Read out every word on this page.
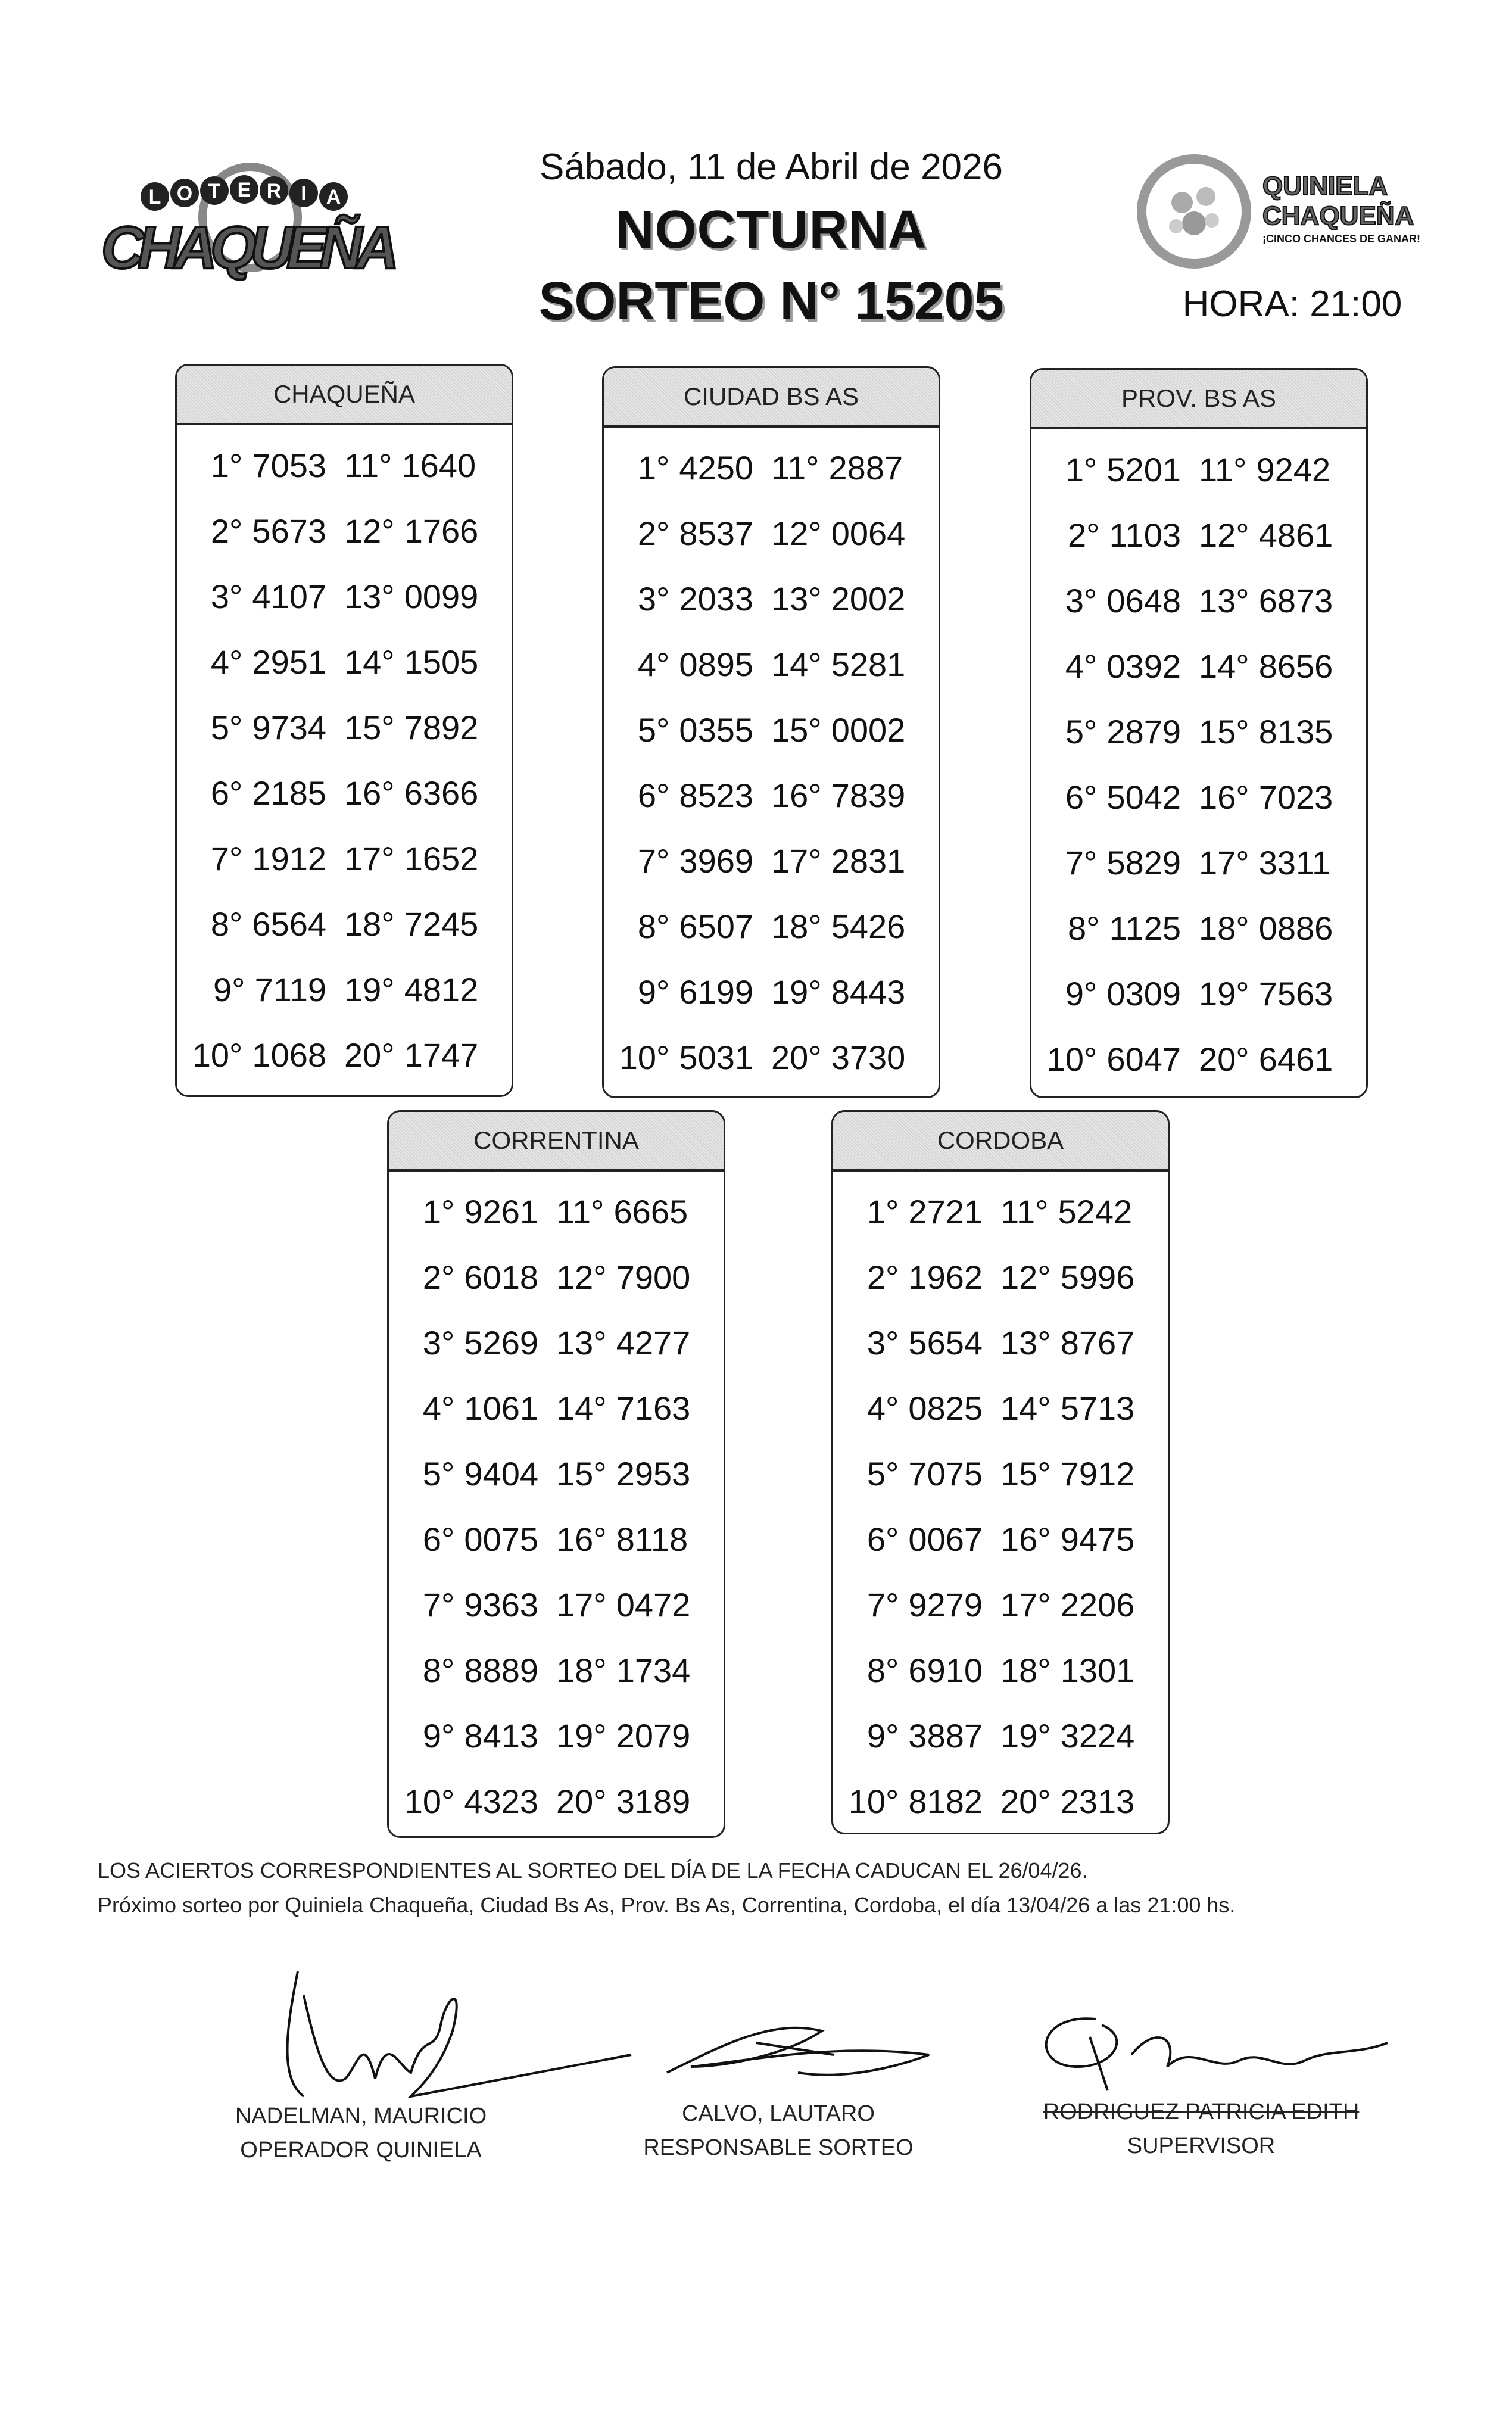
L O T E R I A
CHAQUEÑA
Sábado, 11 de Abril de 2026
NOCTURNA
SORTEO N° 15205
QUINIELA
CHAQUEÑA
¡CINCO CHANCES DE GANAR!
HORA: 21:00
CHAQUEÑA
1° 7053 11° 1640
2° 5673 12° 1766
3° 4107 13° 0099
4° 2951 14° 1505
5° 9734 15° 7892
6° 2185 16° 6366
7° 1912 17° 1652
8° 6564 18° 7245
9° 7119 19° 4812
10° 1068 20° 1747
CIUDAD BS AS
1° 4250 11° 2887
2° 8537 12° 0064
3° 2033 13° 2002
4° 0895 14° 5281
5° 0355 15° 0002
6° 8523 16° 7839
7° 3969 17° 2831
8° 6507 18° 5426
9° 6199 19° 8443
10° 5031 20° 3730
PROV. BS AS
1° 5201 11° 9242
2° 1103 12° 4861
3° 0648 13° 6873
4° 0392 14° 8656
5° 2879 15° 8135
6° 5042 16° 7023
7° 5829 17° 3311
8° 1125 18° 0886
9° 0309 19° 7563
10° 6047 20° 6461
CORRENTINA
1° 9261 11° 6665
2° 6018 12° 7900
3° 5269 13° 4277
4° 1061 14° 7163
5° 9404 15° 2953
6° 0075 16° 8118
7° 9363 17° 0472
8° 8889 18° 1734
9° 8413 19° 2079
10° 4323 20° 3189
CORDOBA
1° 2721 11° 5242
2° 1962 12° 5996
3° 5654 13° 8767
4° 0825 14° 5713
5° 7075 15° 7912
6° 0067 16° 9475
7° 9279 17° 2206
8° 6910 18° 1301
9° 3887 19° 3224
10° 8182 20° 2313
LOS ACIERTOS CORRESPONDIENTES AL SORTEO DEL DÍA DE LA FECHA CADUCAN EL 26/04/26.
Próximo sorteo por Quiniela Chaqueña, Ciudad Bs As, Prov. Bs As, Correntina, Cordoba, el día 13/04/26 a las 21:00 hs.
NADELMAN, MAURICIO
OPERADOR QUINIELA
CALVO, LAUTARO
RESPONSABLE SORTEO
RODRIGUEZ PATRICIA EDITH
SUPERVISOR
